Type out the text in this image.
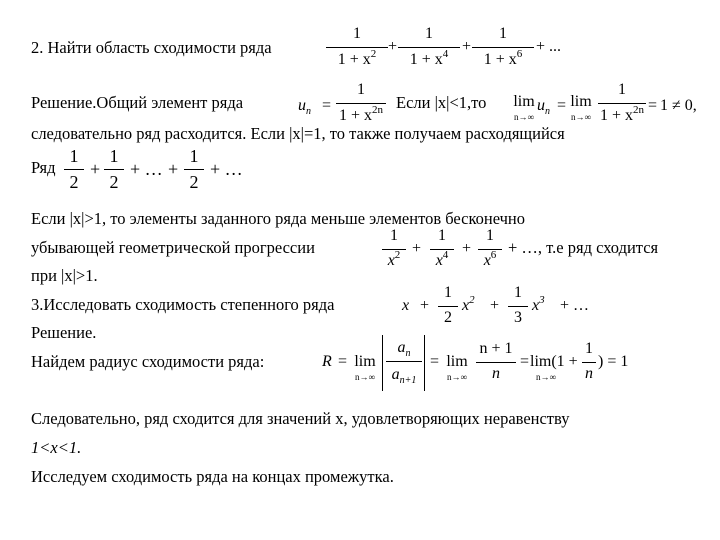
2. Найти область сходимости ряда
1
$1 + x^2$ +
1
$1 + x^4$ +
1
$1 + x^6$ + ...
Решение.Общий элемент ряда	$u_n$ =
1
$1 + x^{2n}$ Если |x|<1,то lim
n→∞
$u_n = \lim$
n→∞
1
$1 + x^{2n} = 1 \ne 0$,
следовательно ряд расходится. Если |x|=1, то также получаем расходящийся
Ряд
1
2
+
1
2
+ … +
1
2
+ …
Если |x|>1, то элементы заданного ряда меньше элементов бесконечно
убывающей геометрической прогрессии
1
$x^2$ +
1
$x^4$ +
1
$x^6$ + …, т.е ряд сходится
при |x|>1.
3.Исследовать сходимость степенного ряда	x +
1
2
$x^2$ +
1
3
$x^3$ + …
Решение.
Найдем радиус сходимости ряда:	R = lim
n→∞
$a_n$
$a_{n+1}$
= lim
n→∞
n + 1
n
= lim(1 +
n→∞
1
n
) = 1
Следовательно, ряд сходится для значений x, удовлетворяющих неравенству
1<x<1.
Исследуем сходимость ряда на концах промежутка.
